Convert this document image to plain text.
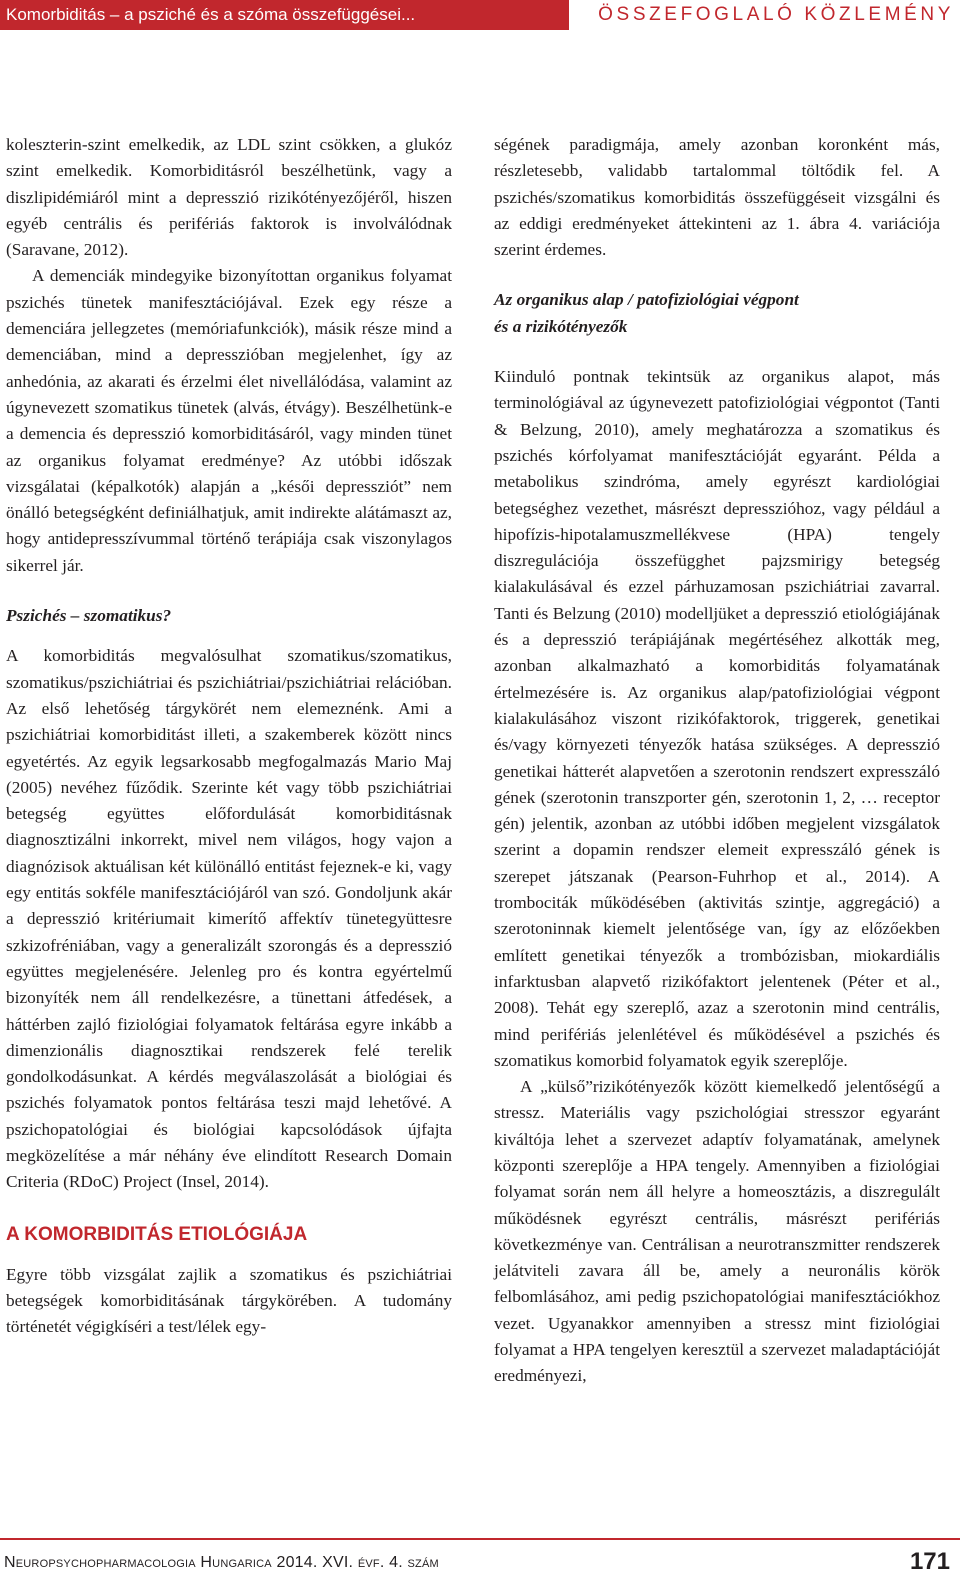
Komorbiditás – a psziché és a szóma összefüggései...	ÖSSZEFOGLALÓ KÖZLEMÉNY

koleszterin-szint emelkedik, az LDL szint csökken, a glukóz szint emelkedik. Komorbiditásról beszélhetünk, vagy a diszlipidémiáról mint a depresszió rizikótényezőjéről, hiszen egyéb centrális és perifériás faktorok is involválódnak (Saravane, 2012).

A demenciák mindegyike bizonyítottan organikus folyamat pszichés tünetek manifesztációjával. Ezek egy része a demenciára jellegzetes (memóriafunkciók), másik része mind a demenciában, mind a depresszióban megjelenhet, így az anhedónia, az akarati és érzelmi élet nivellálódása, valamint az úgynevezett szomatikus tünetek (alvás, étvágy). Beszélhetünk-e a demencia és depresszió komorbiditásáról, vagy minden tünet az organikus folyamat eredménye? Az utóbbi időszak vizsgálatai (képalkotók) alapján a „késői depressziót” nem önálló betegségként definiálhatjuk, amit indirekte alátámaszt az, hogy antidepresszívummal történő terápiája csak viszonylagos sikerrel jár.

Pszichés – szomatikus?

A komorbiditás megvalósulhat szomatikus/szomatikus, szomatikus/pszichiátriai és pszichiátriai/pszichiátriai relációban. Az első lehetőség tárgykörét nem elemeznénk. Ami a pszichiátriai komorbiditást illeti, a szakemberek között nincs egyetértés. Az egyik legsarkosabb megfogalmazás Mario Maj (2005) nevéhez fűződik. Szerinte két vagy több pszichiátriai betegség együttes előfordulását komorbiditásnak diagnosztizálni inkorrekt, mivel nem világos, hogy vajon a diagnózisok aktuálisan két különálló entitást fejeznek-e ki, vagy egy entitás sokféle manifesztációjáról van szó. Gondoljunk akár a depresszió kritériumait kimerítő affektív tünetegyüttesre szkizofréniában, vagy a generalizált szorongás és a depresszió együttes megjelenésére. Jelenleg pro és kontra egyértelmű bizonyíték nem áll rendelkezésre, a tünettani átfedések, a háttérben zajló fiziológiai folyamatok feltárása egyre inkább a dimenzionális diagnosztikai rendszerek felé terelik gondolkodásunkat. A kérdés megválaszolását a biológiai és pszichés folyamatok pontos feltárása teszi majd lehetővé. A pszichopatológiai és biológiai kapcsolódások újfajta megközelítése a már néhány éve elindított Research Domain Criteria (RDoC) Project (Insel, 2014).

A KOMORBIDITÁS ETIOLÓGIÁJA

Egyre több vizsgálat zajlik a szomatikus és pszichiátriai betegségek komorbiditásának tárgykörében. A tudomány történetét végigkíséri a test/lélek egy-

ségének paradigmája, amely azonban koronként más, részletesebb, validabb tartalommal töltődik fel. A pszichés/szomatikus komorbiditás összefüggéseit vizsgálni és az eddigi eredményeket áttekinteni az 1. ábra 4. variációja szerint érdemes.

Az organikus alap / patofiziológiai végpont
és a rizikótényezők

Kiinduló pontnak tekintsük az organikus alapot, más terminológiával az úgynevezett patofiziológiai végpontot (Tanti & Belzung, 2010), amely meghatározza a szomatikus és pszichés kórfolyamat manifesztációját egyaránt. Példa a metabolikus szindróma, amely egyrészt kardiológiai betegséghez vezethet, másrészt depresszióhoz, vagy például a hipofízis-hipotalamuszmellékvese (HPA) tengely diszregulációja összefügghet pajzsmirigy betegség kialakulásával és ezzel párhuzamosan pszichiátriai zavarral. Tanti és Belzung (2010) modelljüket a depresszió etiológiájának és a depresszió terápiájának megértéséhez alkották meg, azonban alkalmazható a komorbiditás folyamatának értelmezésére is. Az organikus alap/patofiziológiai végpont kialakulásához viszont rizikófaktorok, triggerek, genetikai és/vagy környezeti tényezők hatása szükséges. A depresszió genetikai hátterét alapvetően a szerotonin rendszert expresszáló gének (szerotonin transzporter gén, szerotonin 1, 2, … receptor gén) jelentik, azonban az utóbbi időben megjelent vizsgálatok szerint a dopamin rendszer elemeit expresszáló gének is szerepet játszanak (Pearson-Fuhrhop et al., 2014). A trombociták működésében (aktivitás szintje, aggregáció) a szerotoninnak kiemelt jelentősége van, így az előzőekben említett genetikai tényezők a trombózisban, miokardiális infarktusban alapvető rizikófaktort jelentenek (Péter et al., 2008). Tehát egy szereplő, azaz a szerotonin mind centrális, mind perifériás jelenlétével és működésével a pszichés és szomatikus komorbid folyamatok egyik szereplője.

A „külső”rizikótényezők között kiemelkedő jelentőségű a stressz. Materiális vagy pszichológiai stresszor egyaránt kiváltója lehet a szervezet adaptív folyamatának, amelynek központi szereplője a HPA tengely. Amennyiben a fiziológiai folyamat során nem áll helyre a homeosztázis, a diszregulált működésnek egyrészt centrális, másrészt perifériás következménye van. Centrálisan a neurotranszmitter rendszerek jelátviteli zavara áll be, amely a neuronális körök felbomlásához, ami pedig pszichopatológiai manifesztációkhoz vezet. Ugyanakkor amennyiben a stressz mint fiziológiai folyamat a HPA tengelyen keresztül a szervezet maladaptációját eredményezi,

Neuropsychopharmacologia Hungarica 2014. XVI. évf. 4. szám	171
